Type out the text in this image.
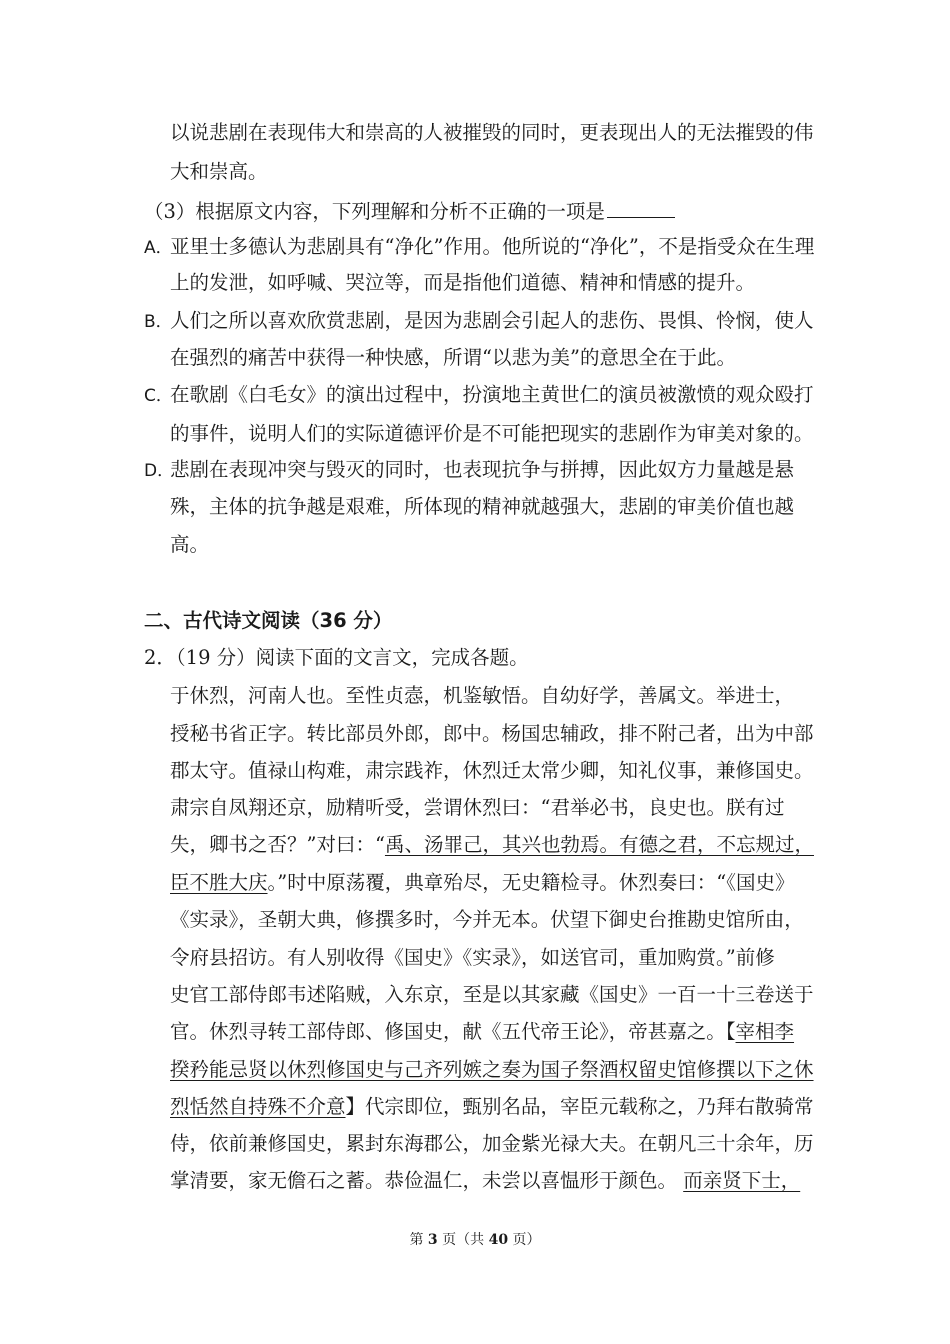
以说悲剧在表现伟大和崇高的人被摧毁的同时，更表现出人的无法摧毁的伟
大和崇高。
（3）根据原文内容，下列理解和分析不正确的一项是
A．亚里士多德认为悲剧具有“净化”作用。他所说的“净化”，不是指受众在生理
上的发泄，如呼喊、哭泣等，而是指他们道德、精神和情感的提升。
B．人们之所以喜欢欣赏悲剧，是因为悲剧会引起人的悲伤、畏惧、怜悯，使人
在强烈的痛苦中获得一种快感，所谓“以悲为美”的意思全在于此。
C．在歌剧《白毛女》的演出过程中，扮演地主黄世仁的演员被激愤的观众殴打
的事件，说明人们的实际道德评价是不可能把现实的悲剧作为审美对象的。
D．悲剧在表现冲突与毁灭的同时，也表现抗争与拼搏，因此奴方力量越是悬
殊，主体的抗争越是艰难，所体现的精神就越强大，悲剧的审美价值也越
高。
二、古代诗文阅读（36 分）
2．（19 分）阅读下面的文言文，完成各题。
于休烈，河南人也。至性贞悫，机鉴敏悟。自幼好学，善属文。举进士，
授秘书省正字。转比部员外郎，郎中。杨国忠辅政，排不附己者，出为中部
郡太守。值禄山构难，肃宗践祚，休烈迁太常少卿，知礼仪事，兼修国史。
肃宗自凤翔还京，励精听受，尝谓休烈曰：“君举必书，良史也。朕有过
失，卿书之否？”对曰：“禹、汤罪己，其兴也勃焉。有德之君，不忘规过，
臣不胜大庆。”时中原荡覆，典章殆尽，无史籍检寻。休烈奏曰：“《国史》
《实录》，圣朝大典，修撰多时，今并无本。伏望下御史台推勘史馆所由，
令府县招访。有人别收得《国史》《实录》，如送官司，重加购赏。”前修
史官工部侍郎韦述陷贼，入东京，至是以其家藏《国史》一百一十三卷送于
官。休烈寻转工部侍郎、修国史，献《五代帝王论》，帝甚嘉之。【宰相李
揆矜能忌贤以休烈修国史与己齐列嫉之奏为国子祭酒权留史馆修撰以下之休
烈恬然自持殊不介意】代宗即位，甄别名品，宰臣元载称之，乃拜右散骑常
侍，依前兼修国史，累封东海郡公，加金紫光禄大夫。在朝凡三十余年，历
掌清要，家无儋石之蓄。恭俭温仁，未尝以喜愠形于颜色。 而亲贤下士，
第 3 页（共 40 页）
